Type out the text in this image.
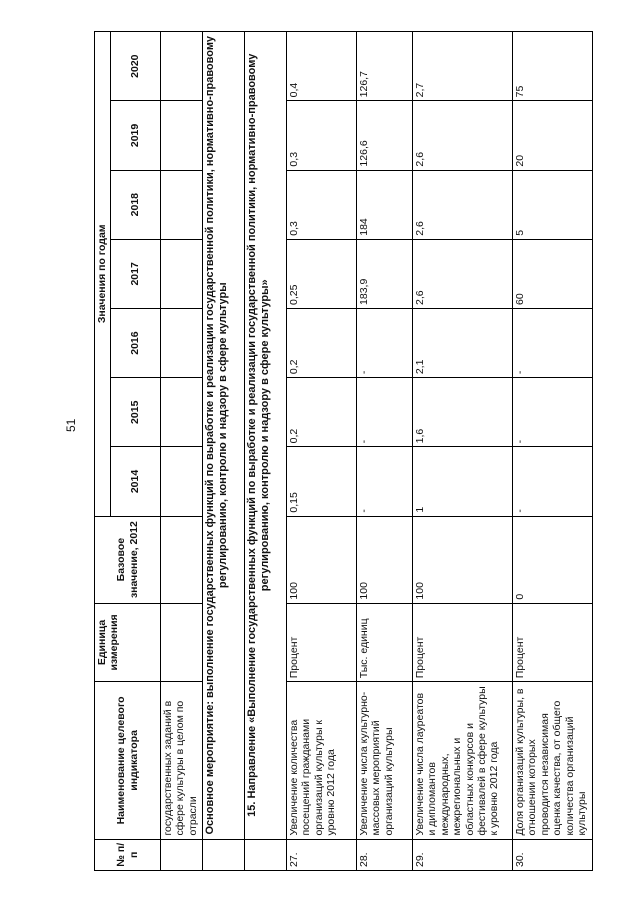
51
№ п/п	Наименование целевого индикатора	Единица измерения	Базовое значение, 2012	Значения по годам						
				2014	2015	2016	2017	2018	2019	2020
	государственных заданий в сфере культуры в целом по отрасли									
	Основное мероприятие: выполнение государственных функций по выработке и реализации государственной политики, нормативно-правовому регулированию, контролю и надзору в сфере культуры									
	15. Направление «Выполнение государственных функций по выработке и реализации государственной политики, нормативно-правовому регулированию, контролю и надзору в сфере культуры»									
27.	Увеличение количества посещений гражданами организаций культуры к уровню 2012 года	Процент	100	0,15	0,2	0,2	0,25	0,3	0,3	0,4
28.	Увеличение числа культурно-массовых мероприятий организаций культуры	Тыс. единиц	100	-	-	-	183,9	184	126,6	126,7
29.	Увеличение числа лауреатов и дипломантов международных, межрегиональных и областных конкурсов и фестивалей в сфере культуры к уровню 2012 года	Процент	100	1	1,6	2,1	2,6	2,6	2,6	2,7
30.	Доля организаций культуры, в отношении которых проводится независимая оценка качества, от общего количества организаций культуры	Процент	0	-	-	-	60	5	20	75
